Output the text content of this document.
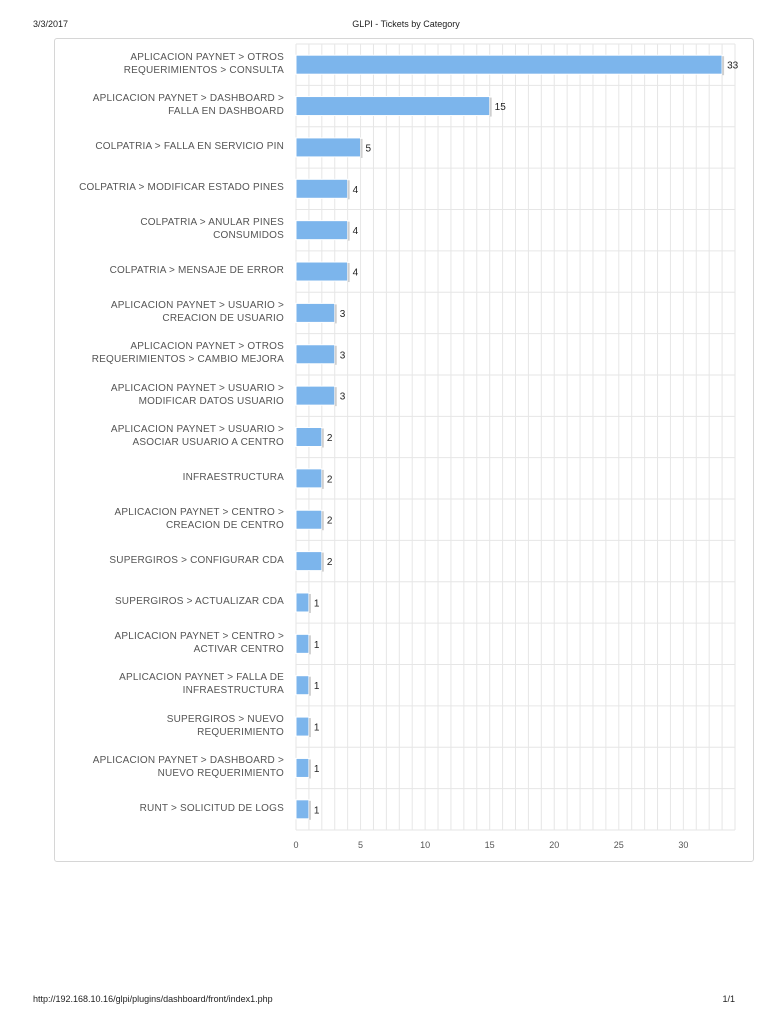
3/3/2017	GLPI - Tickets by Category
33
15
5
4
4
4
3
3
3
2
2
2
2
1
1
1
1
1
1
0	5	10	15	20	25	30
APLICACION PAYNET > OTROS
REQUERIMIENTOS > CONSULTA
APLICACION PAYNET > DASHBOARD >
FALLA EN DASHBOARD
COLPATRIA > FALLA EN SERVICIO PIN
COLPATRIA > MODIFICAR ESTADO PINES
COLPATRIA > ANULAR PINES
CONSUMIDOS
COLPATRIA > MENSAJE DE ERROR
APLICACION PAYNET > USUARIO >
CREACION DE USUARIO
APLICACION PAYNET > OTROS
REQUERIMIENTOS > CAMBIO MEJORA
APLICACION PAYNET > USUARIO >
MODIFICAR DATOS USUARIO
APLICACION PAYNET > USUARIO >
ASOCIAR USUARIO A CENTRO
INFRAESTRUCTURA
APLICACION PAYNET > CENTRO >
CREACION DE CENTRO
SUPERGIROS > CONFIGURAR CDA
SUPERGIROS > ACTUALIZAR CDA
APLICACION PAYNET > CENTRO >
ACTIVAR CENTRO
APLICACION PAYNET > FALLA DE
INFRAESTRUCTURA
SUPERGIROS > NUEVO
REQUERIMIENTO
APLICACION PAYNET > DASHBOARD >
NUEVO REQUERIMIENTO
RUNT > SOLICITUD DE LOGS
http://192.168.10.16/glpi/plugins/dashboard/front/index1.php	1/1
